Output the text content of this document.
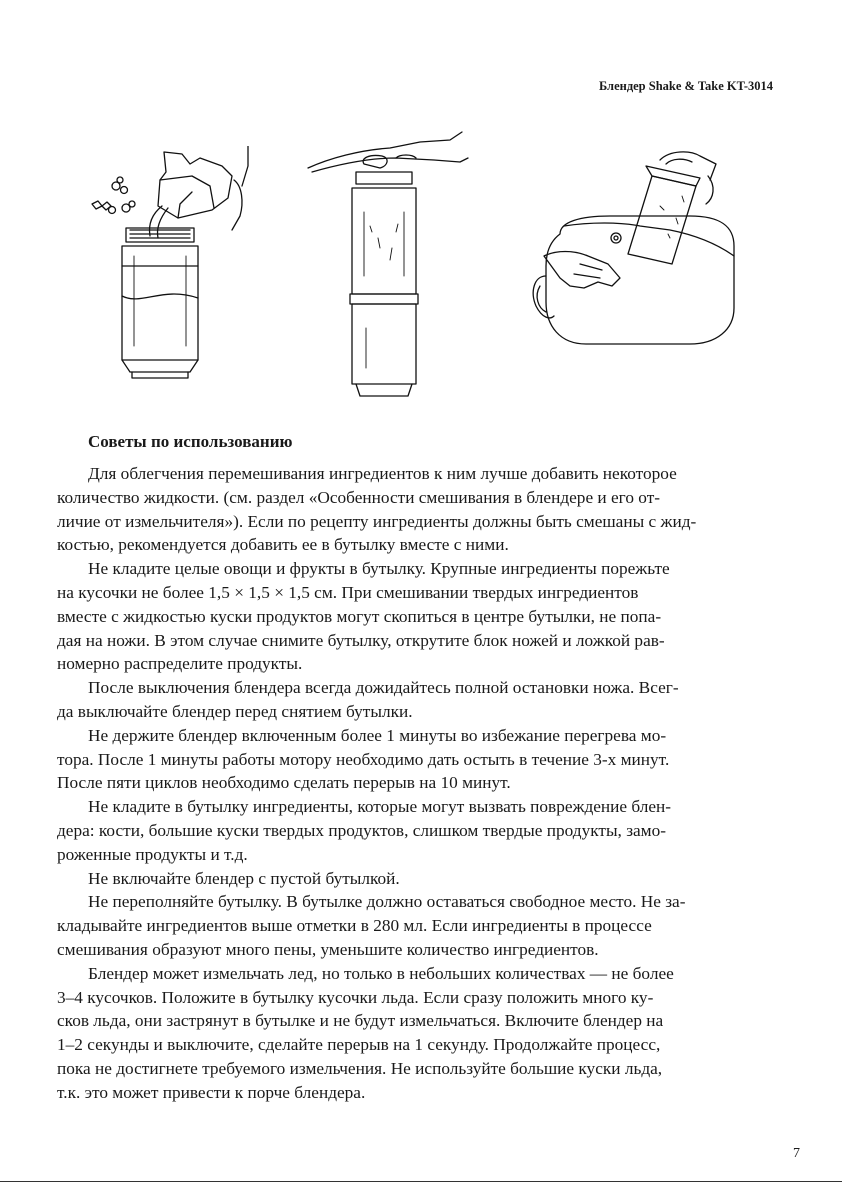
Блендер Shake & Take KT-3014
Советы по использованию
Для облегчения перемешивания ингредиентов к ним лучше добавить некоторое
количество жидкости. (см. раздел «Особенности смешивания в блендере и его от-
личие от измельчителя»). Если по рецепту ингредиенты должны быть смешаны с жид-
костью, рекомендуется добавить ее в бутылку вместе с ними.
Не кладите целые овощи и фрукты в бутылку. Крупные ингредиенты порежьте
на кусочки не более 1,5 × 1,5 × 1,5 см. При смешивании твердых ингредиентов
вместе с жидкостью куски продуктов могут скопиться в центре бутылки, не попа-
дая на ножи. В этом случае снимите бутылку, открутите блок ножей и ложкой рав-
номерно распределите продукты.
После выключения блендера всегда дожидайтесь полной остановки ножа. Всег-
да выключайте блендер перед снятием бутылки.
Не держите блендер включенным более 1 минуты во избежание перегрева мо-
тора. После 1 минуты работы мотору необходимо дать остыть в течение 3-х минут.
После пяти циклов необходимо сделать перерыв на 10 минут.
Не кладите в бутылку ингредиенты, которые могут вызвать повреждение блен-
дера: кости, большие куски твердых продуктов, слишком твердые продукты, замо-
роженные продукты и т.д.
Не включайте блендер с пустой бутылкой.
Не переполняйте бутылку. В бутылке должно оставаться свободное место. Не за-
кладывайте ингредиентов выше отметки в 280 мл. Если ингредиенты в процессе
смешивания образуют много пены, уменьшите количество ингредиентов.
Блендер может измельчать лед, но только в небольших количествах — не более
3–4 кусочков. Положите в бутылку кусочки льда. Если сразу положить много ку-
сков льда, они застрянут в бутылке и не будут измельчаться. Включите блендер на
1–2 секунды и выключите, сделайте перерыв на 1 секунду. Продолжайте процесс,
пока не достигнете требуемого измельчения. Не используйте большие куски льда,
т.к. это может привести к порче блендера.
7
